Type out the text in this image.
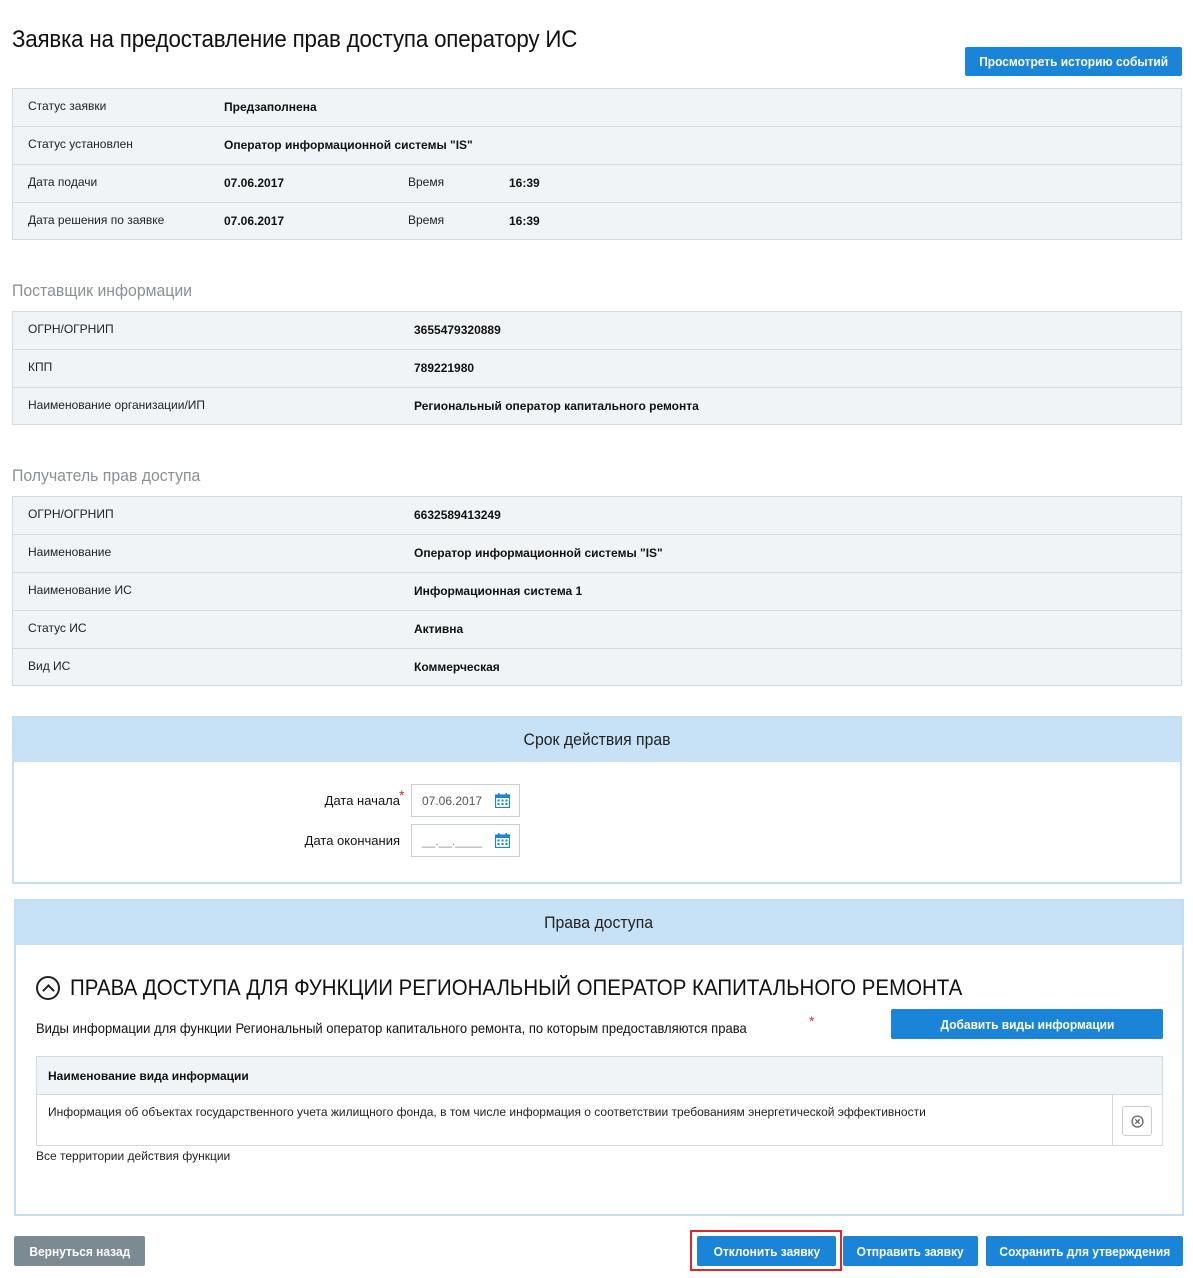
Заявка на предоставление прав доступа оператору ИС
Просмотреть историю событий
Статус заявки	Предзаполнена
Статус установлен	Оператор информационной системы "IS"
Дата подачи	07.06.2017	Время	16:39
Дата решения по заявке	07.06.2017	Время	16:39
Поставщик информации
ОГРН/ОГРНИП	3655479320889
КПП	789221980
Наименование организации/ИП	Региональный оператор капитального ремонта
Получатель прав доступа
ОГРН/ОГРНИП	6632589413249
Наименование	Оператор информационной системы "IS"
Наименование ИС	Информационная система 1
Статус ИС	Активна
Вид ИС	Коммерческая
Срок действия прав
Дата начала * 07.06.2017
Дата окончания __.__.____
Права доступа
ПРАВА ДОСТУПА ДЛЯ ФУНКЦИИ РЕГИОНАЛЬНЫЙ ОПЕРАТОР КАПИТАЛЬНОГО РЕМОНТА
Виды информации для функции Региональный оператор капитального ремонта, по которым предоставляются права	*	Добавить виды информации
Наименование вида информации
Информация об объектах государственного учета жилищного фонда, в том числе информация о соответствии требованиям энергетической эффективности
Все территории действия функции
Вернуться назад	Отклонить заявку	Отправить заявку	Сохранить для утверждения
